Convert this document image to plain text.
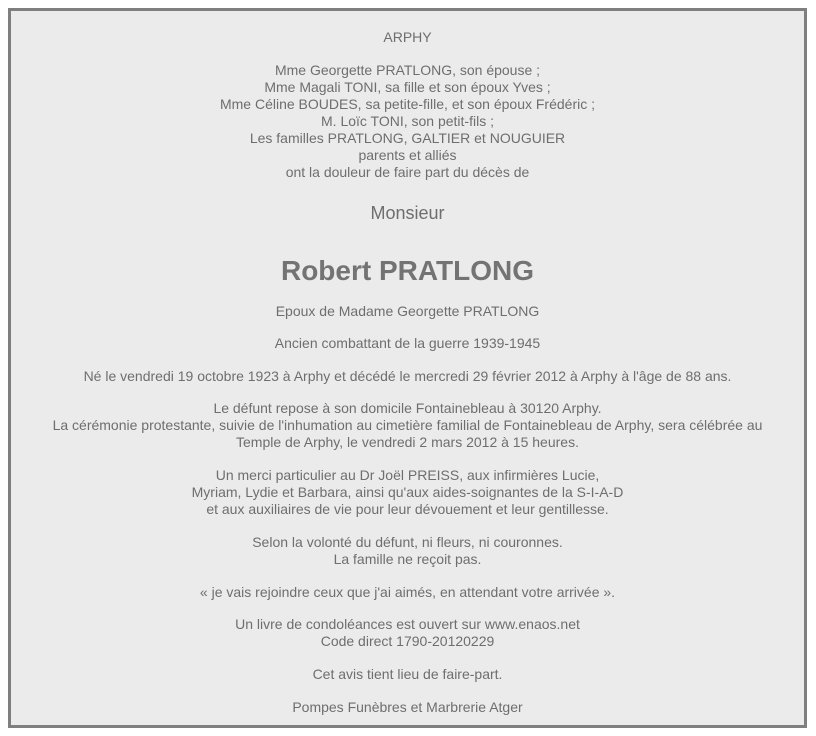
ARPHY

Mme Georgette PRATLONG, son épouse ;
Mme Magali TONI, sa fille et son époux Yves ;
Mme Céline BOUDES, sa petite-fille, et son époux Frédéric ;
M. Loïc TONI, son petit-fils ;
Les familles PRATLONG, GALTIER et NOUGUIER
parents et alliés
ont la douleur de faire part du décès de

Monsieur

Robert PRATLONG

Epoux de Madame Georgette PRATLONG

Ancien combattant de la guerre 1939-1945

Né le vendredi 19 octobre 1923 à Arphy et décédé le mercredi 29 février 2012 à Arphy à l'âge de 88 ans.

Le défunt repose à son domicile Fontainebleau à 30120 Arphy.
La cérémonie protestante, suivie de l'inhumation au cimetière familial de Fontainebleau de Arphy, sera célébrée au
Temple de Arphy, le vendredi 2 mars 2012 à 15 heures.

Un merci particulier au Dr Joël PREISS, aux infirmières Lucie,
Myriam, Lydie et Barbara, ainsi qu'aux aides-soignantes de la S-I-A-D
et aux auxiliaires de vie pour leur dévouement et leur gentillesse.

Selon la volonté du défunt, ni fleurs, ni couronnes.
La famille ne reçoit pas.

« je vais rejoindre ceux que j'ai aimés, en attendant votre arrivée ».

Un livre de condoléances est ouvert sur www.enaos.net
Code direct 1790-20120229

Cet avis tient lieu de faire-part.

Pompes Funèbres et Marbrerie Atger
